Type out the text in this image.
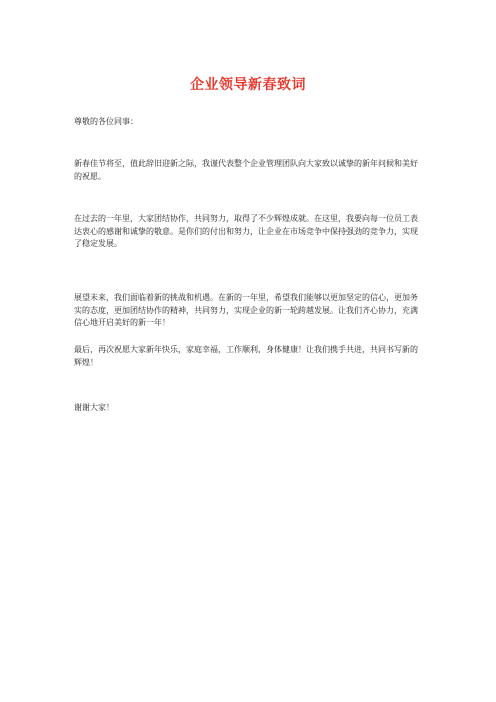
企业领导新春致词

尊敬的各位同事：

新春佳节将至，值此辞旧迎新之际，我谨代表整个企业管理团队向大家致以诚挚的新年问候和美好的祝愿。

在过去的一年里，大家团结协作，共同努力，取得了不少辉煌成就。在这里，我要向每一位员工表达衷心的感谢和诚挚的敬意。是你们的付出和努力，让企业在市场竞争中保持强劲的竞争力，实现了稳定发展。

展望未来，我们面临着新的挑战和机遇。在新的一年里，希望我们能够以更加坚定的信心，更加务实的态度，更加团结协作的精神，共同努力，实现企业的新一轮跨越发展。让我们齐心协力，充满信心地开启美好的新一年！

最后，再次祝愿大家新年快乐，家庭幸福，工作顺利，身体健康！让我们携手共进，共同书写新的辉煌！

谢谢大家！
